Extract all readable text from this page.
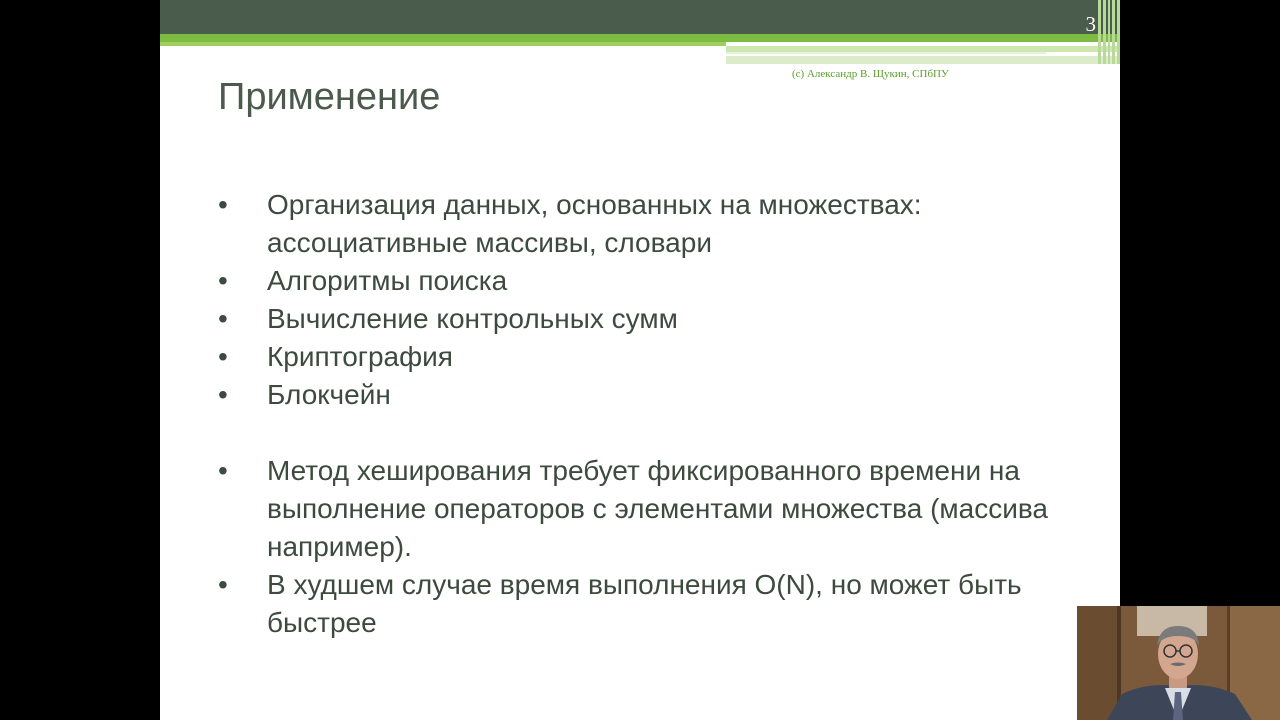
3
(c) Александр В. Щукин, СПбПУ
Применение
•	Организация данных, основанных на множествах: ассоциативные массивы, словари
•	Алгоритмы поиска
•	Вычисление контрольных сумм
•	Криптография
•	Блокчейн
•	Метод хеширования требует фиксированного времени на выполнение операторов с элементами множества (массива например).
•	В худшем случае время выполнения O(N), но может быть быстрее
